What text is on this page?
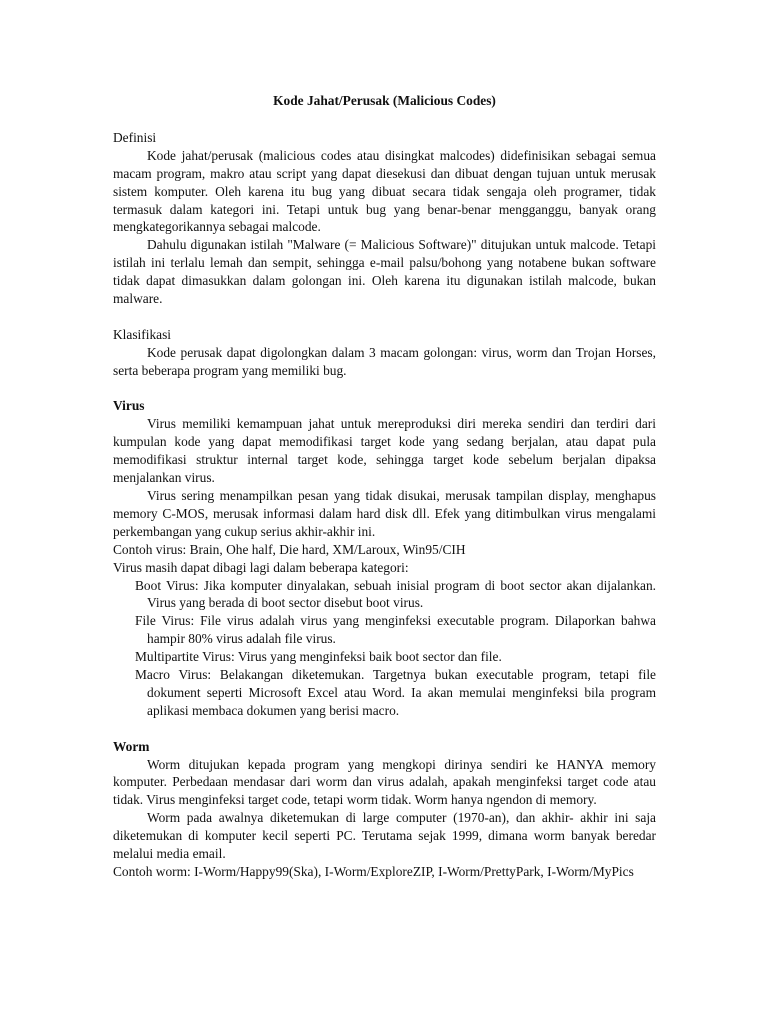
Kode Jahat/Perusak (Malicious Codes)

Definisi

Kode jahat/perusak (malicious codes atau disingkat malcodes) didefinisikan sebagai semua macam program, makro atau script yang dapat diesekusi dan dibuat dengan tujuan untuk merusak sistem komputer. Oleh karena itu bug yang dibuat secara tidak sengaja oleh programer, tidak termasuk dalam kategori ini. Tetapi untuk bug yang benar-benar mengganggu, banyak orang mengkategorikannya sebagai malcode.

Dahulu digunakan istilah "Malware (= Malicious Software)" ditujukan untuk malcode. Tetapi istilah ini terlalu lemah dan sempit, sehingga e-mail palsu/bohong yang notabene bukan software tidak dapat dimasukkan dalam golongan ini. Oleh karena itu digunakan istilah malcode, bukan malware.

Klasifikasi

Kode perusak dapat digolongkan dalam 3 macam golongan: virus, worm dan Trojan Horses, serta beberapa program yang memiliki bug.

Virus

Virus memiliki kemampuan jahat untuk mereproduksi diri mereka sendiri dan terdiri dari kumpulan kode yang dapat memodifikasi target kode yang sedang berjalan, atau dapat pula memodifikasi struktur internal target kode, sehingga target kode sebelum berjalan dipaksa menjalankan virus.

Virus sering menampilkan pesan yang tidak disukai, merusak tampilan display, menghapus memory C-MOS, merusak informasi dalam hard disk dll. Efek yang ditimbulkan virus mengalami perkembangan yang cukup serius akhir-akhir ini.

Contoh virus: Brain, Ohe half, Die hard, XM/Laroux, Win95/CIH

Virus masih dapat dibagi lagi dalam beberapa kategori:

Boot Virus: Jika komputer dinyalakan, sebuah inisial program di boot sector akan dijalankan. Virus yang berada di boot sector disebut boot virus.
File Virus: File virus adalah virus yang menginfeksi executable program. Dilaporkan bahwa hampir 80% virus adalah file virus.
Multipartite Virus: Virus yang menginfeksi baik boot sector dan file.
Macro Virus: Belakangan diketemukan. Targetnya bukan executable program, tetapi file dokument seperti Microsoft Excel atau Word. Ia akan memulai menginfeksi bila program aplikasi membaca dokumen yang berisi macro.

Worm

Worm ditujukan kepada program yang mengkopi dirinya sendiri ke HANYA memory komputer. Perbedaan mendasar dari worm dan virus adalah, apakah menginfeksi target code atau tidak. Virus menginfeksi target code, tetapi worm tidak. Worm hanya ngendon di memory.

Worm pada awalnya diketemukan di large computer (1970-an), dan akhir- akhir ini saja diketemukan di komputer kecil seperti PC. Terutama sejak 1999, dimana worm banyak beredar melalui media email.

Contoh worm: I-Worm/Happy99(Ska), I-Worm/ExploreZIP, I-Worm/PrettyPark, I-Worm/MyPics
